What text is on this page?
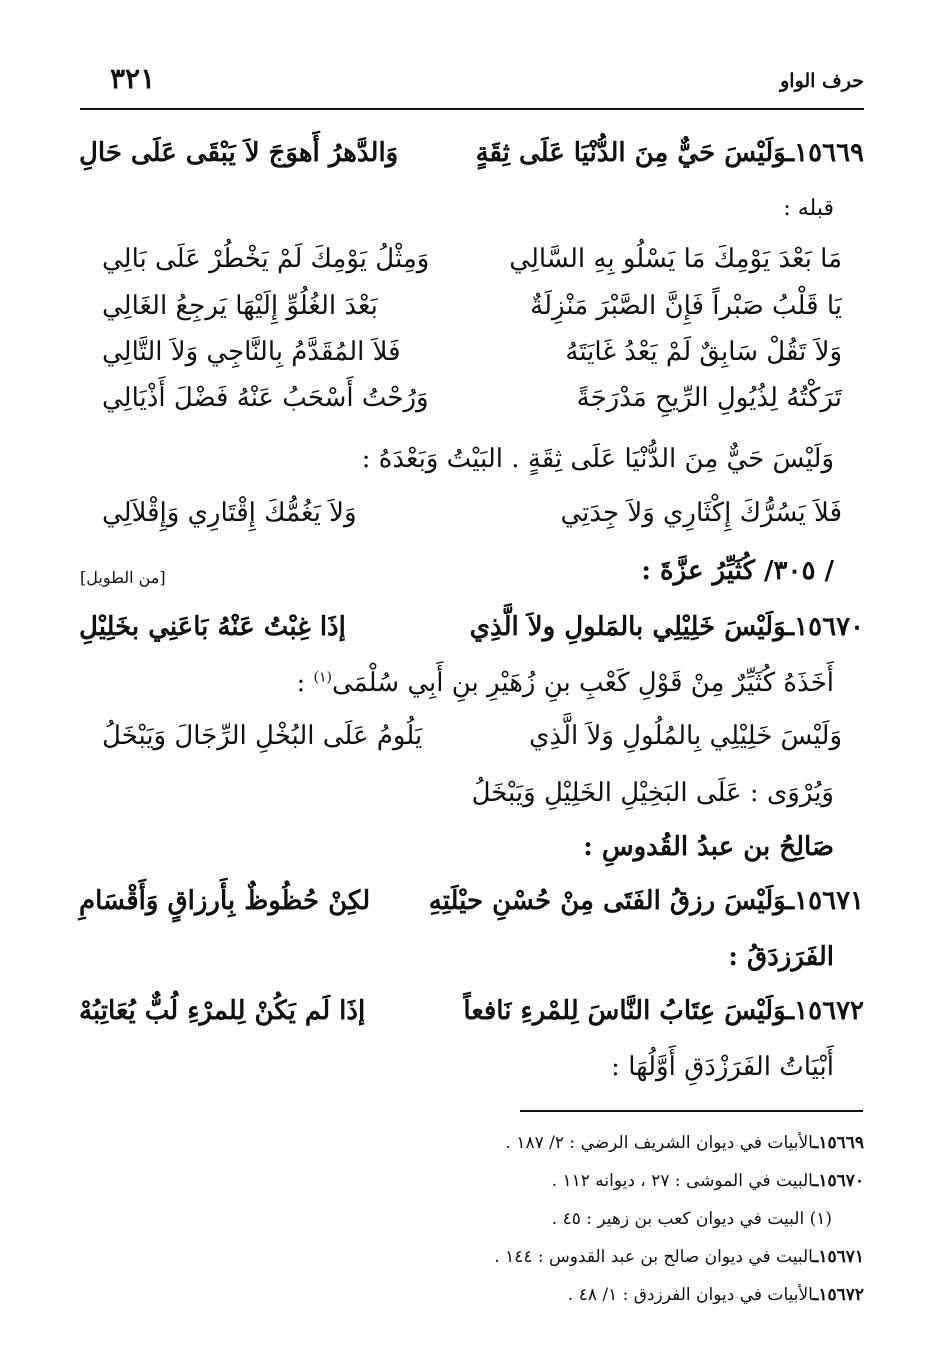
حرف الواو
٣٢١
١٥٦٦٩ـوَلَيْسَ حَيٌّ مِنَ الدُّنْيَا عَلَى ثِقَةٍ
وَالدَّهرُ أَهوَجَ لاَ يَبْقَى عَلَى حَالِ
قبله :
مَا بَعْدَ يَوْمِكَ مَا يَسْلُو بِهِ السَّالِي
وَمِثْلُ يَوْمِكَ لَمْ يَخْطُرْ عَلَى بَالِي
يَا قَلْبُ صَبْراً فَإِنَّ الصَّبْرَ مَنْزِلَةٌ
بَعْدَ الغُلُوِّ إِلَيْهَا يَرجِعُ الغَالِي
وَلاَ تَقُلْ سَابِقٌ لَمْ يَعْدُ غَايَتَهُ
فَلاَ المُقَدَّمُ بِالنَّاجِي وَلاَ التَّالِي
تَرَكْتُهُ لِذُيُولِ الرِّيحِ مَدْرَجَةً
وَرُحْتُ أَسْحَبُ عَنْهُ فَضْلَ أَذْيَالِي
وَلَيْسَ حَيٌّ مِنَ الدُّنْيَا عَلَى ثِقَةٍ . البَيْتُ وَبَعْدَهُ :
فَلاَ يَسُرُّكَ إِكْثَارِي وَلاَ جِدَتِي
وَلاَ يَغُمُّكَ إِقْتَارِي وَإِقْلاَلِي
/ ٣٠٥/ كُثَيِّرُ عزَّةَ :
[من الطويل]
١٥٦٧٠ـوَلَيْسَ خَلِيْلِي بالمَلولِ ولاَ الَّذِي
إذَا غِبْتُ عَنْهُ بَاعَنِي بخَلِيْلِ
أَخَذَهُ كُثَيِّرٌ مِنْ قَوْلِ كَعْبِ بنِ زُهَيْرِ بنِ أَبِي سُلْمَى$^{(١)}$ :
وَلَيْسَ خَلِيْلِي بِالمُلُولِ وَلاَ الَّذِي
يَلُومُ عَلَى البُخْلِ الرِّجَالَ وَيَبْخَلُ
وَيُرْوَى : عَلَى البَخِيْلِ الخَلِيْلِ وَيَبْخَلُ
صَالِحُ بن عبدُ القُدوسِ :
١٥٦٧١ـوَلَيْسَ رزقُ الفَتَى مِنْ حُسْنِ حيْلَتِهِ
لكِنْ حُظُوظٌ بِأَرزاقٍ وَأَقْسَامِ
الفَرَزدَقُ :
١٥٦٧٢ـوَلَيْسَ عِتَابُ النَّاسَ لِلمْرءِ نَافعاً
إذَا لَم يَكُنْ لِلمرْءِ لُبٌّ يُعَاتِبُهْ
أَبْيَاتُ الفَرَزْدَقِ أَوَّلُهَا :
١٥٦٦٩ـالأبيات في ديوان الشريف الرضي : ٢/ ١٨٧ .
١٥٦٧٠ـالبيت في الموشى : ٢٧ ، ديوانه ١١٢ .
(١) البيت في ديوان كعب بن زهير : ٤٥ .
١٥٦٧١ـالبيت في ديوان صالح بن عبد القدوس : ١٤٤ .
١٥٦٧٢ـالأبيات في ديوان الفرزدق : ١/ ٤٨ .
